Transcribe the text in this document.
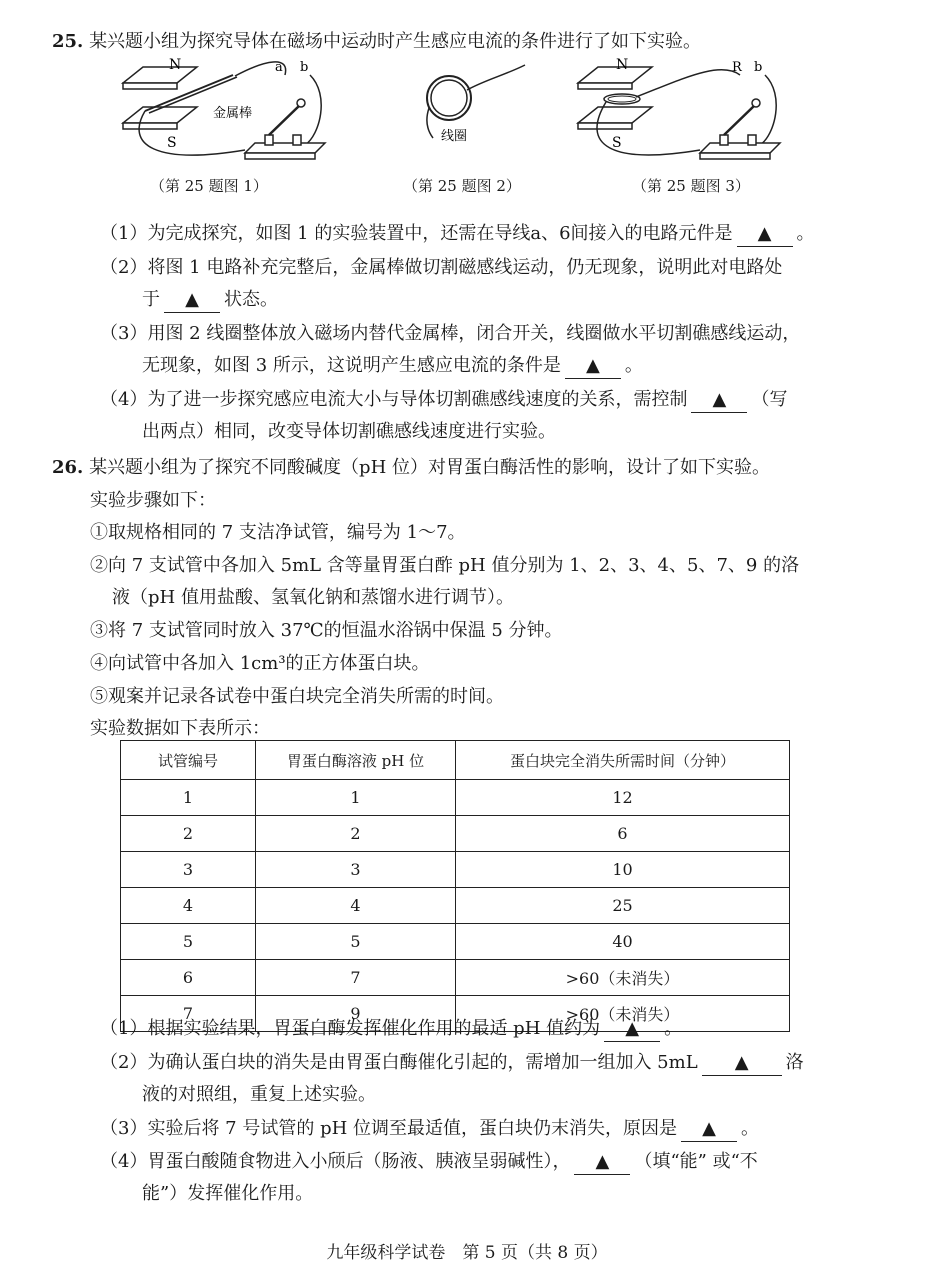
25. 某兴题小组为探究导体在磁场中运动时产生感应电流的条件进行了如下实验。
N
S
a b
金属棒
（第 25 题图 1）
线圈
（第 25 题图 2）
N
S
R b
（第 25 题图 3）
（1）为完成探究，如图 1 的实验装置中，还需在导线a、6间接入的电路元件是 ▲ 。
（2）将图 1 电路补充完整后，金属棒做切割磁感线运动，仍无现象，说明此对电路处
于 ▲ 状态。
（3）用图 2 线圈整体放入磁场内替代金属棒，闭合开关，线圈做水平切割礁感线运动，
无现象，如图 3 所示，这说明产生感应电流的条件是 ▲ 。
（4）为了进一步探究感应电流大小与导体切割礁感线速度的关系，需控制 ▲ （写
出两点）相同，改变导体切割礁感线速度进行实验。
26. 某兴题小组为了探究不同酸碱度（pH 位）对胃蛋白酶活性的影响，设计了如下实验。
实验步骤如下：
①取规格相同的 7 支洁净试管，编号为 1～7。
②向 7 支试管中各加入 5mL 含等量胃蛋白酢 pH 值分别为 1、2、3、4、5、7、9 的洛
液（pH 值用盐酸、氢氧化钠和蒸馏水进行调节）。
③将 7 支试管同时放入 37℃的恒温水浴锅中保温 5 分钟。
④向试管中各加入 1cm³的正方体蛋白块。
⑤观案并记录各试卷中蛋白块完全消失所需的时间。
实验数据如下表所示：
试管编号	胃蛋白酶溶液 pH 位	蛋白块完全消失所需时间（分钟）
1	1	12
2	2	6
3	3	10
4	4	25
5	5	40
6	7	>60（未消失）
7	9	>60（未消失）
（1）根据实验结果，胃蛋白酶发挥催化作用的最适 pH 值约为 ▲ 。
（2）为确认蛋白块的消失是由胃蛋白酶催化引起的，需增加一组加入 5mL ▲ 洛
液的对照组，重复上述实验。
（3）实验后将 7 号试管的 pH 位调至最适值，蛋白块仍末消失，原因是 ▲ 。
（4）胃蛋白酸随食物进入小颀后（肠液、胰液呈弱碱性）， ▲ （填“能” 或“不
能”）发挥催化作用。
九年级科学试卷　第 5 页（共 8 页）
